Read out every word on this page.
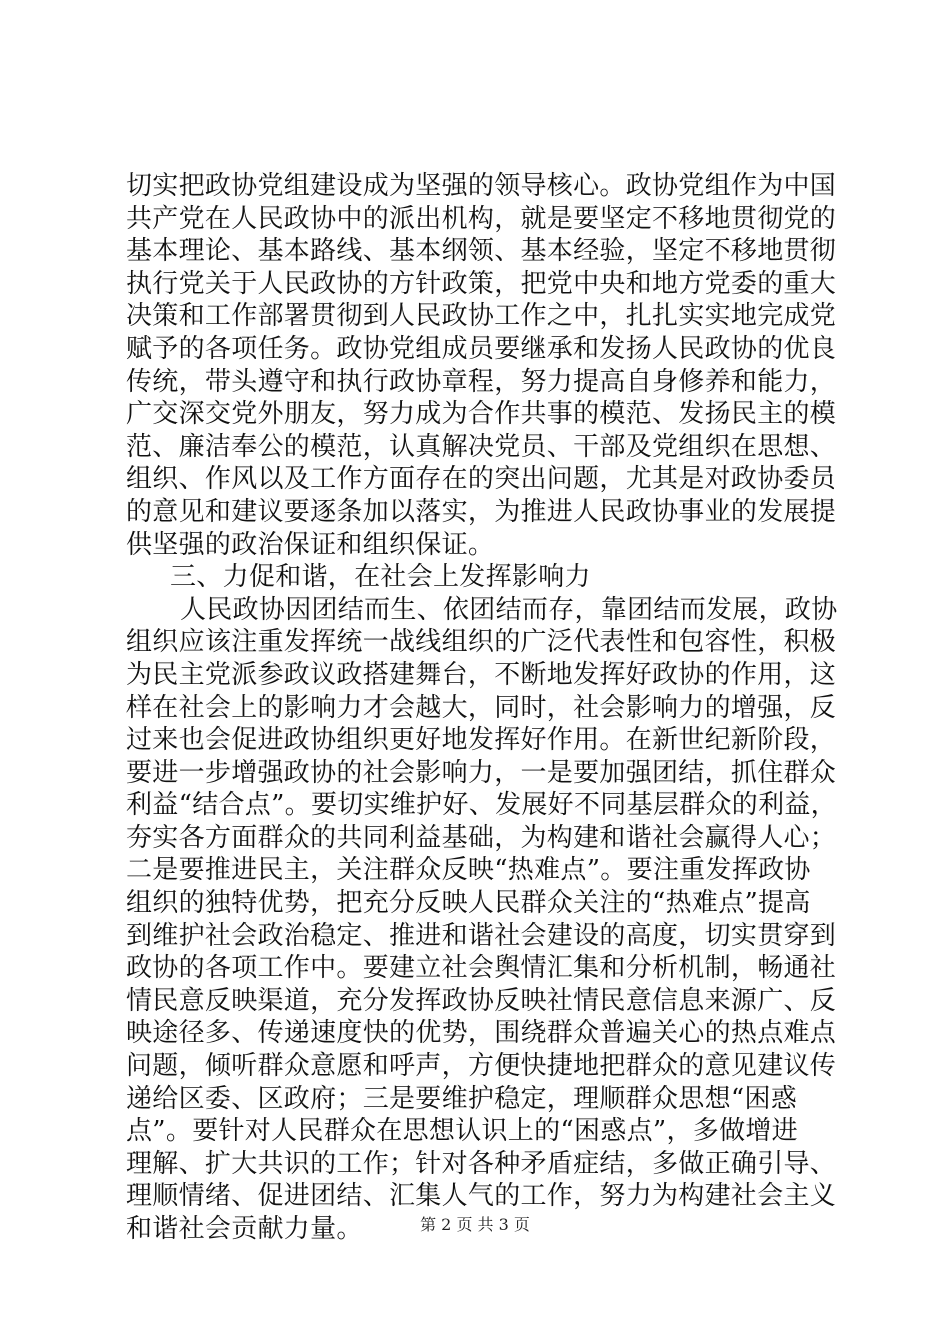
切实把政协党组建设成为坚强的领导核心。政协党组作为中国
共产党在人民政协中的派出机构，就是要坚定不移地贯彻党的
基本理论、基本路线、基本纲领、基本经验，坚定不移地贯彻
执行党关于人民政协的方针政策，把党中央和地方党委的重大
决策和工作部署贯彻到人民政协工作之中，扎扎实实地完成党
赋予的各项任务。政协党组成员要继承和发扬人民政协的优良
传统，带头遵守和执行政协章程，努力提高自身修养和能力，
广交深交党外朋友，努力成为合作共事的模范、发扬民主的模
范、廉洁奉公的模范，认真解决党员、干部及党组织在思想、
组织、作风以及工作方面存在的突出问题，尤其是对政协委员
的意见和建议要逐条加以落实，为推进人民政协事业的发展提
供坚强的政治保证和组织保证。
三、力促和谐，在社会上发挥影响力
人民政协因团结而生、依团结而存，靠团结而发展，政协
组织应该注重发挥统一战线组织的广泛代表性和包容性，积极
为民主党派参政议政搭建舞台，不断地发挥好政协的作用，这
样在社会上的影响力才会越大，同时，社会影响力的增强，反
过来也会促进政协组织更好地发挥好作用。在新世纪新阶段，
要进一步增强政协的社会影响力，一是要加强团结，抓住群众
利益“结合点”。要切实维护好、发展好不同基层群众的利益，
夯实各方面群众的共同利益基础，为构建和谐社会赢得人心；
二是要推进民主，关注群众反映“热难点”。要注重发挥政协
组织的独特优势，把充分反映人民群众关注的“热难点”提高
到维护社会政治稳定、推进和谐社会建设的高度，切实贯穿到
政协的各项工作中。要建立社会舆情汇集和分析机制，畅通社
情民意反映渠道，充分发挥政协反映社情民意信息来源广、反
映途径多、传递速度快的优势，围绕群众普遍关心的热点难点
问题，倾听群众意愿和呼声，方便快捷地把群众的意见建议传
递给区委、区政府；三是要维护稳定，理顺群众思想“困惑
点”。要针对人民群众在思想认识上的“困惑点”，多做增进
理解、扩大共识的工作；针对各种矛盾症结，多做正确引导、
理顺情绪、促进团结、汇集人气的工作，努力为构建社会主义
和谐社会贡献力量。	第 2 页 共 3 页
